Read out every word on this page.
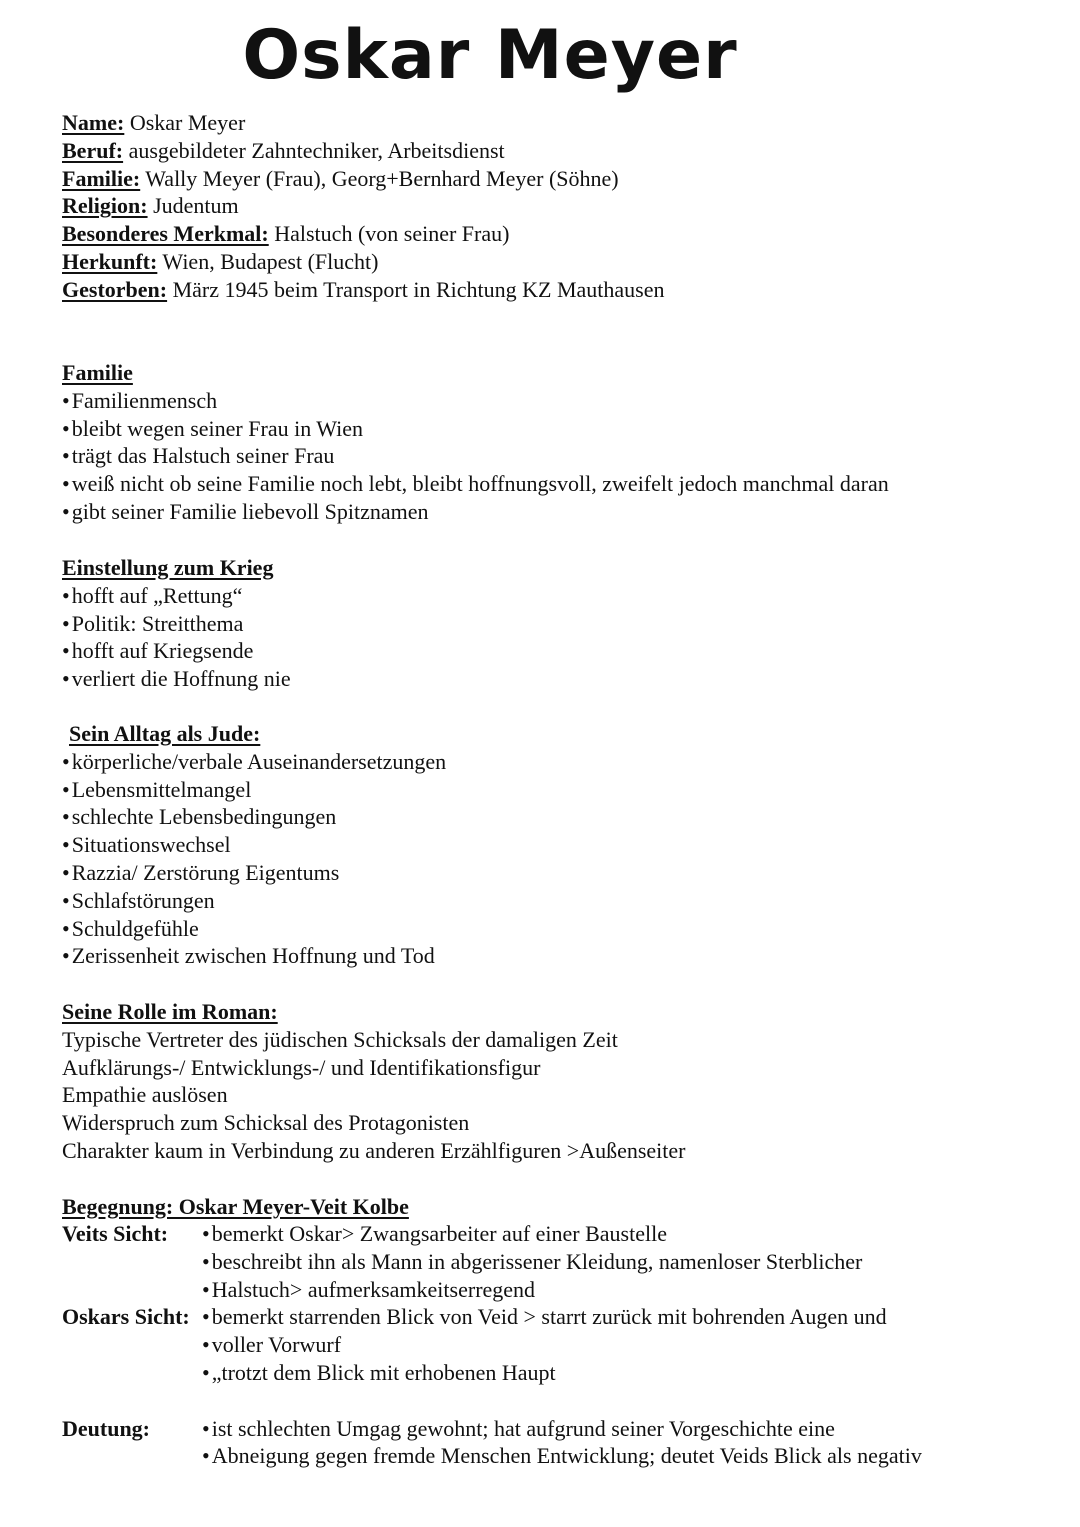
Oskar Meyer
Name: Oskar Meyer
Beruf: ausgebildeter Zahntechniker, Arbeitsdienst
Familie: Wally Meyer (Frau), Georg+Bernhard Meyer (Söhne)
Religion: Judentum
Besonderes Merkmal: Halstuch (von seiner Frau)
Herkunft: Wien, Budapest (Flucht)
Gestorben: März 1945 beim Transport in Richtung KZ Mauthausen
Familie
• Familienmensch
• bleibt wegen seiner Frau in Wien
• trägt das Halstuch seiner Frau
• weiß nicht ob seine Familie noch lebt, bleibt hoffnungsvoll, zweifelt jedoch manchmal daran
• gibt seiner Familie liebevoll Spitznamen
Einstellung zum Krieg
• hofft auf „Rettung“
• Politik: Streitthema
• hofft auf Kriegsende
• verliert die Hoffnung nie
Sein Alltag als Jude:
• körperliche/verbale Auseinandersetzungen
• Lebensmittelmangel
• schlechte Lebensbedingungen
• Situationswechsel
• Razzia/ Zerstörung Eigentums
• Schlafstörungen
• Schuldgefühle
• Zerissenheit zwischen Hoffnung und Tod
Seine Rolle im Roman:
Typische Vertreter des jüdischen Schicksals der damaligen Zeit
Aufklärungs-/ Entwicklungs-/ und Identifikationsfigur
Empathie auslösen
Widerspruch zum Schicksal des Protagonisten
Charakter kaum in Verbindung zu anderen Erzählfiguren >Außenseiter
Begegnung: Oskar Meyer-Veit Kolbe
Veits Sicht:	• bemerkt Oskar> Zwangsarbeiter auf einer Baustelle
• beschreibt ihn als Mann in abgerissener Kleidung, namenloser Sterblicher
• Halstuch> aufmerksamkeitserregend
Oskars Sicht: • bemerkt starrenden Blick von Veid > starrt zurück mit bohrenden Augen und
• voller Vorwurf
• „trotzt dem Blick mit erhobenen Haupt
Deutung:	• ist schlechten Umgag gewohnt; hat aufgrund seiner Vorgeschichte eine
• Abneigung gegen fremde Menschen Entwicklung; deutet Veids Blick als negativ
